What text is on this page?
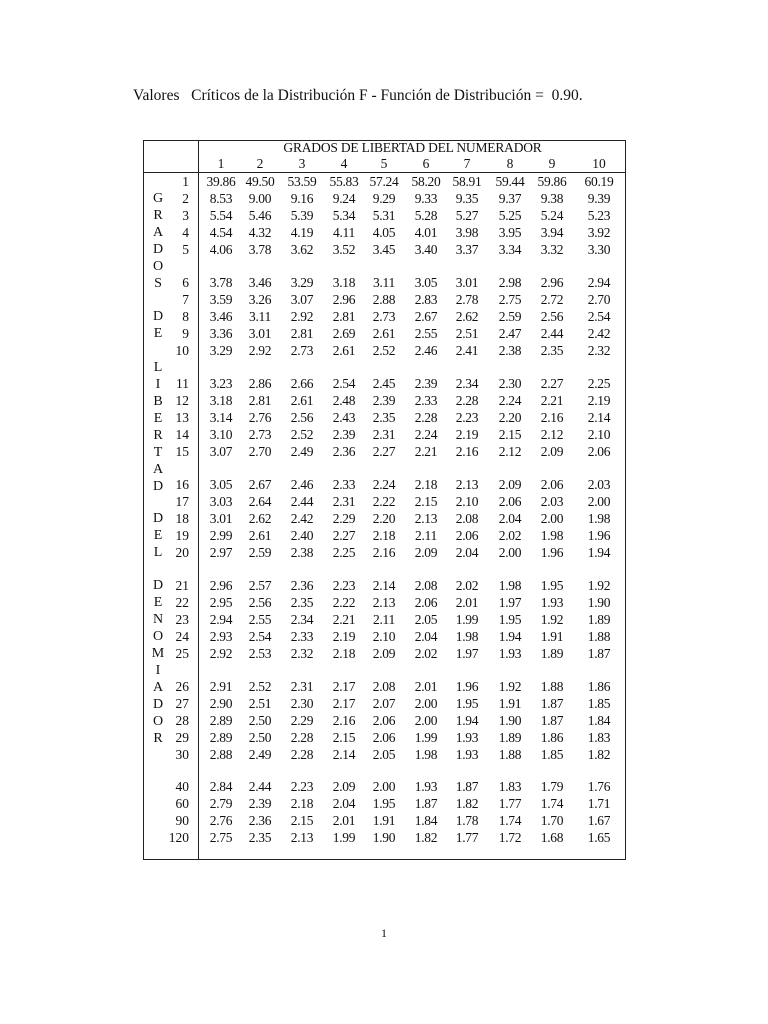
Valores   Críticos de la Distribución F - Función de Distribución =  0.90.
GRADOS DE LIBERTAD DEL NUMERADOR
1	2	3	4	5	6	7	8	9	10
1	39.86 49.50 53.59 55.83 57.24 58.20 58.91	59.44 59.86	60.19
2	8.53	9.00	9.16	9.24	9.29	9.33	9.35	9.37	9.38	9.39
3	5.54	5.46	5.39	5.34	5.31	5.28	5.27	5.25	5.24	5.23
4	4.54	4.32	4.19	4.11	4.05	4.01	3.98	3.95	3.94	3.92
5	4.06	3.78	3.62	3.52	3.45	3.40	3.37	3.34	3.32	3.30
6	3.78	3.46	3.29	3.18	3.11	3.05	3.01	2.98	2.96	2.94
7	3.59	3.26	3.07	2.96	2.88	2.83	2.78	2.75	2.72	2.70
8	3.46	3.11	2.92	2.81	2.73	2.67	2.62	2.59	2.56	2.54
9	3.36	3.01	2.81	2.69	2.61	2.55	2.51	2.47	2.44	2.42
10	3.29	2.92	2.73	2.61	2.52	2.46	2.41	2.38	2.35	2.32
11	3.23	2.86	2.66	2.54	2.45	2.39	2.34	2.30	2.27	2.25
12	3.18	2.81	2.61	2.48	2.39	2.33	2.28	2.24	2.21	2.19
13	3.14	2.76	2.56	2.43	2.35	2.28	2.23	2.20	2.16	2.14
14	3.10	2.73	2.52	2.39	2.31	2.24	2.19	2.15	2.12	2.10
15	3.07	2.70	2.49	2.36	2.27	2.21	2.16	2.12	2.09	2.06
16	3.05	2.67	2.46	2.33	2.24	2.18	2.13	2.09	2.06	2.03
17	3.03	2.64	2.44	2.31	2.22	2.15	2.10	2.06	2.03	2.00
18	3.01	2.62	2.42	2.29	2.20	2.13	2.08	2.04	2.00	1.98
19	2.99	2.61	2.40	2.27	2.18	2.11	2.06	2.02	1.98	1.96
20	2.97	2.59	2.38	2.25	2.16	2.09	2.04	2.00	1.96	1.94
21	2.96	2.57	2.36	2.23	2.14	2.08	2.02	1.98	1.95	1.92
22	2.95	2.56	2.35	2.22	2.13	2.06	2.01	1.97	1.93	1.90
23	2.94	2.55	2.34	2.21	2.11	2.05	1.99	1.95	1.92	1.89
24	2.93	2.54	2.33	2.19	2.10	2.04	1.98	1.94	1.91	1.88
25	2.92	2.53	2.32	2.18	2.09	2.02	1.97	1.93	1.89	1.87
26	2.91	2.52	2.31	2.17	2.08	2.01	1.96	1.92	1.88	1.86
27	2.90	2.51	2.30	2.17	2.07	2.00	1.95	1.91	1.87	1.85
28	2.89	2.50	2.29	2.16	2.06	2.00	1.94	1.90	1.87	1.84
29	2.89	2.50	2.28	2.15	2.06	1.99	1.93	1.89	1.86	1.83
30	2.88	2.49	2.28	2.14	2.05	1.98	1.93	1.88	1.85	1.82
40	2.84	2.44	2.23	2.09	2.00	1.93	1.87	1.83	1.79	1.76
60	2.79	2.39	2.18	2.04	1.95	1.87	1.82	1.77	1.74	1.71
90	2.76	2.36	2.15	2.01	1.91	1.84	1.78	1.74	1.70	1.67
120	2.75	2.35	2.13	1.99	1.90	1.82	1.77	1.72	1.68	1.65
G
R
A
D
O
S
D
E
L
I
B
E
R
T
A
D
D
E
L
D
E
N
O
M
I
A
D
O
R
1
